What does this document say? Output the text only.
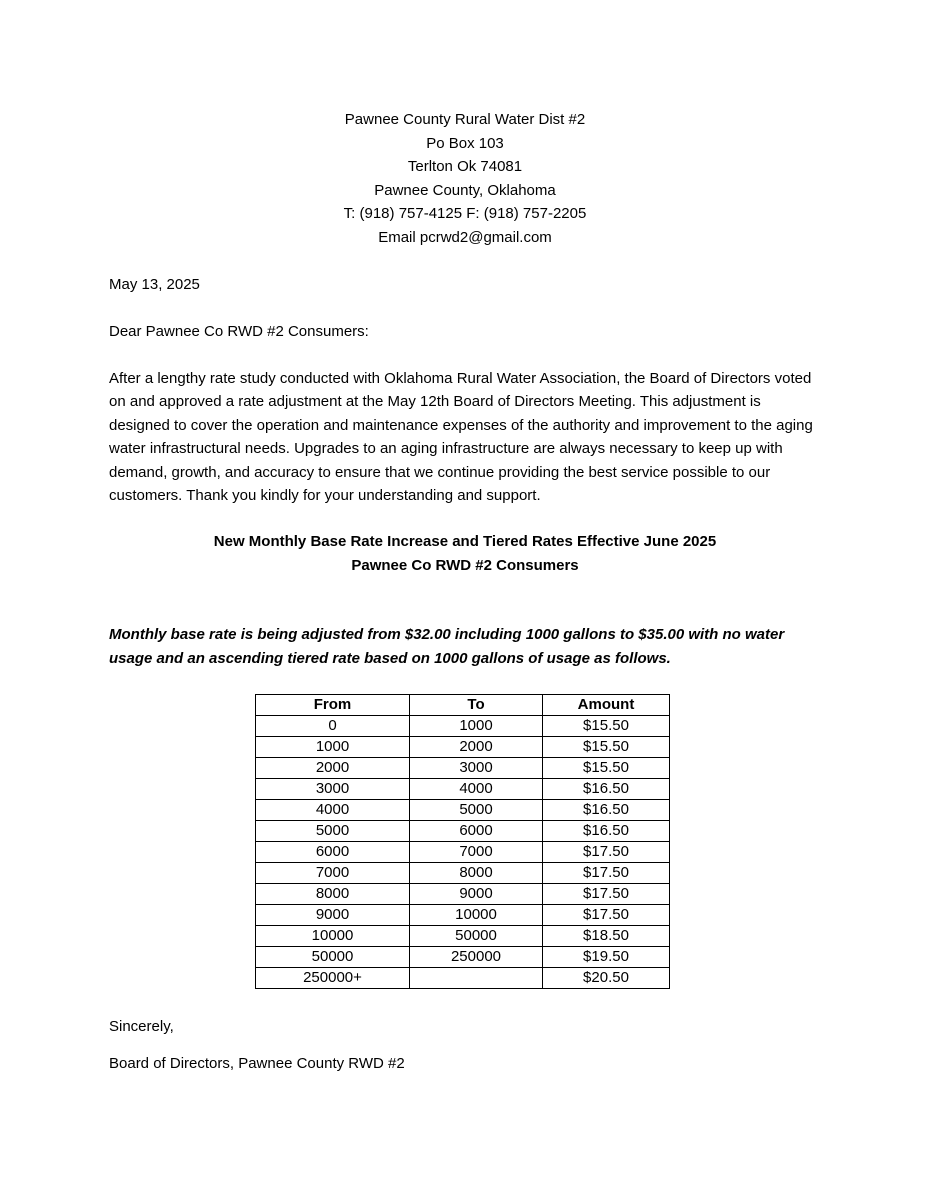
Pawnee County Rural Water Dist #2
Po Box 103
Terlton Ok 74081
Pawnee County, Oklahoma
T: (918) 757-4125 F: (918) 757-2205
Email pcrwd2@gmail.com
May 13, 2025
Dear Pawnee Co RWD #2 Consumers:

After a lengthy rate study conducted with Oklahoma Rural Water Association, the Board of Directors voted on and approved a rate adjustment at the May 12th Board of Directors Meeting. This adjustment is designed to cover the operation and maintenance expenses of the authority and improvement to the aging water infrastructural needs. Upgrades to an aging infrastructure are always necessary to keep up with demand, growth, and accuracy to ensure that we continue providing the best service possible to our customers. Thank you kindly for your understanding and support.

New Monthly Base Rate Increase and Tiered Rates Effective June 2025
Pawnee Co RWD #2 Consumers

Monthly base rate is being adjusted from $32.00 including 1000 gallons to $35.00 with no water usage and an ascending tiered rate based on 1000 gallons of usage as follows.

From	To	Amount
0	1000	$15.50
1000	2000	$15.50
2000	3000	$15.50
3000	4000	$16.50
4000	5000	$16.50
5000	6000	$16.50
6000	7000	$17.50
7000	8000	$17.50
8000	9000	$17.50
9000	10000	$17.50
10000	50000	$18.50
50000	250000	$19.50
250000+		$20.50
Sincerely,
Board of Directors, Pawnee County RWD #2
